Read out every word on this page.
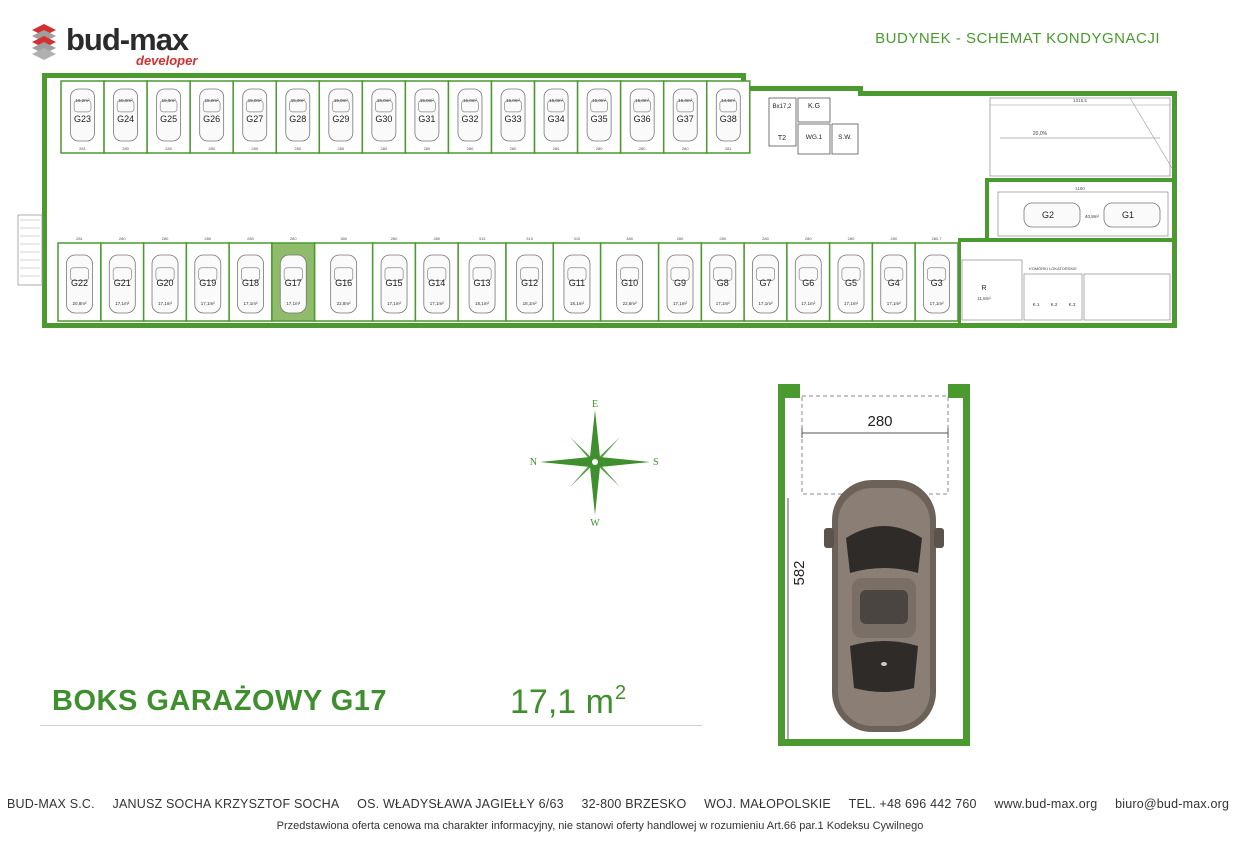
bud-max
developer
BUDYNEK - SCHEMAT KONDYGNACJI
16,2m²
G23
281
15,0m²
G24
280
15,0m²
G25
280
15,0m²
G26
280
15,0m²
G27
280
15,0m²
G28
280
15,0m²
G29
280
15,0m²
G30
280
15,0m²
G31
280
15,0m²
G32
280
15,0m²
G33
280
15,0m²
G34
280
15,0m²
G35
280
15,0m²
G36
280
15,0m²
G37
280
14,6m²
G38
281
281
G22
20,8m²
280
G21
17,1m²
280
G20
17,1m²
280
G19
17,1m²
280
G18
17,1m²
280
G17
17,1m²
380
G16
22,8m²
280
G15
17,1m²
280
G14
17,1m²
313
G13
18,1m²
310
G12
18,1m²
310
G11
18,1m²
380
G10
22,8m²
280
G9
17,1m²
280
G8
17,1m²
280
G7
17,1m²
280
G6
17,1m²
280
G5
17,1m²
280
G4
17,1m²
280,7
G3
17,1m²
Bx17,2
T2
K.G
WG.1 S.W.
1315,5
20,0%
1160
G2	G1
40,8m²
R
11,8m²
KOMÓRKI LOKATORSKIE
K.1 K.2 K.3
E
N	S
W
280
582
BOKS GARAŻOWY G17	17,1 $m^2$
BUD-MAX S.C. JANUSZ SOCHA KRZYSZTOF SOCHA OS. WŁADYSŁAWA JAGIEŁŁY 6/63 32-800 BRZESKO WOJ. MAŁOPOLSKIE TEL. +48 696 442 760 www.bud-max.org biuro@bud-max.org
Przedstawiona oferta cenowa ma charakter informacyjny, nie stanowi oferty handlowej w rozumieniu Art.66 par.1 Kodeksu Cywilnego
